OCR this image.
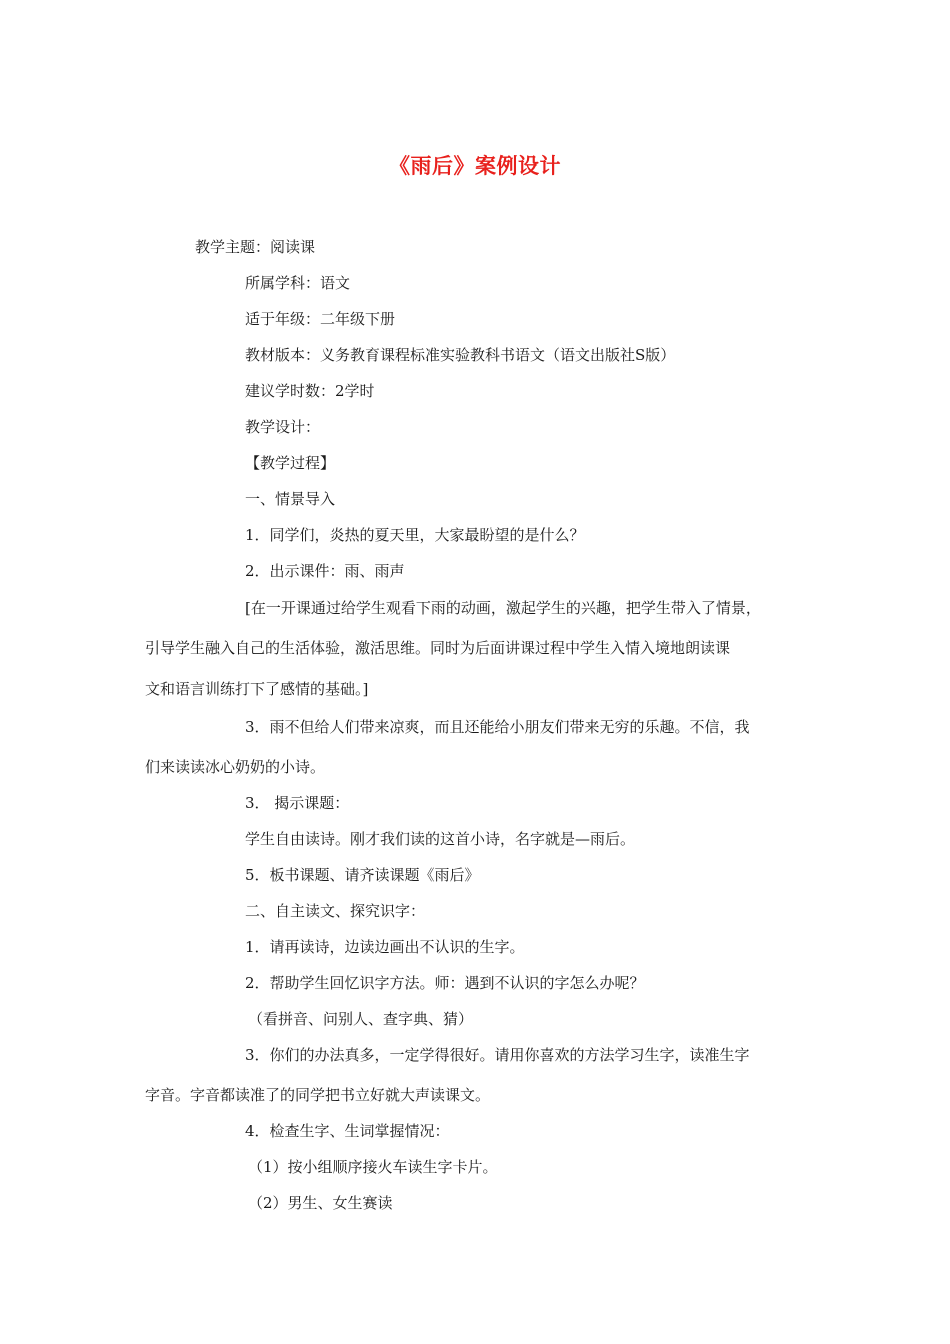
《雨后》案例设计
教学主题：阅读课
所属学科：语文
适于年级：二年级下册
教材版本：义务教育课程标准实验教科书语文（语文出版社S版）
建议学时数：2学时
教学设计：
【教学过程】
一、情景导入
1．同学们，炎热的夏天里，大家最盼望的是什么？
2．出示课件：雨、雨声
[在一开课通过给学生观看下雨的动画，激起学生的兴趣，把学生带入了情景，
引导学生融入自己的生活体验，激活思维。同时为后面讲课过程中学生入情入境地朗读课
文和语言训练打下了感情的基础。]
3．雨不但给人们带来凉爽，而且还能给小朋友们带来无穷的乐趣。不信，我
们来读读冰心奶奶的小诗。
3． 揭示课题：
学生自由读诗。刚才我们读的这首小诗，名字就是—雨后。
5．板书课题、请齐读课题《雨后》
二、自主读文、探究识字：
1．请再读诗，边读边画出不认识的生字。
2．帮助学生回忆识字方法。师：遇到不认识的字怎么办呢？
（看拼音、问别人、查字典、猜）
3．你们的办法真多，一定学得很好。请用你喜欢的方法学习生字，读准生字
字音。字音都读准了的同学把书立好就大声读课文。
4．检查生字、生词掌握情况：
（1）按小组顺序接火车读生字卡片。
（2）男生、女生赛读
